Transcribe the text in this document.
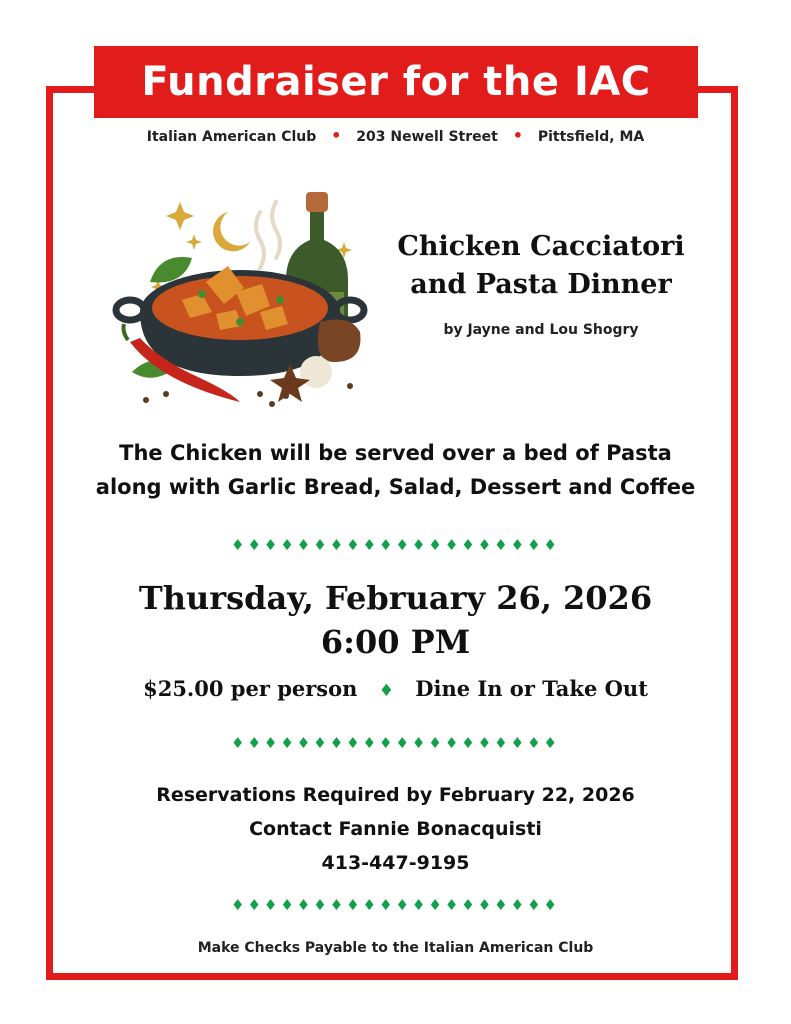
Fundraiser for the IAC
Italian American Club • 203 Newell Street • Pittsfield, MA
Chicken Cacciatori
and Pasta Dinner
by Jayne and Lou Shogry
The Chicken will be served over a bed of Pasta
along with Garlic Bread, Salad, Dessert and Coffee
♦♦♦♦♦♦♦♦♦♦♦♦♦♦♦♦♦♦♦♦
Thursday, February 26, 2026
6:00 PM
$25.00 per person ♦ Dine In or Take Out
♦♦♦♦♦♦♦♦♦♦♦♦♦♦♦♦♦♦♦♦
Reservations Required by February 22, 2026
Contact Fannie Bonacquisti
413-447-9195
♦♦♦♦♦♦♦♦♦♦♦♦♦♦♦♦♦♦♦♦
Make Checks Payable to the Italian American Club
